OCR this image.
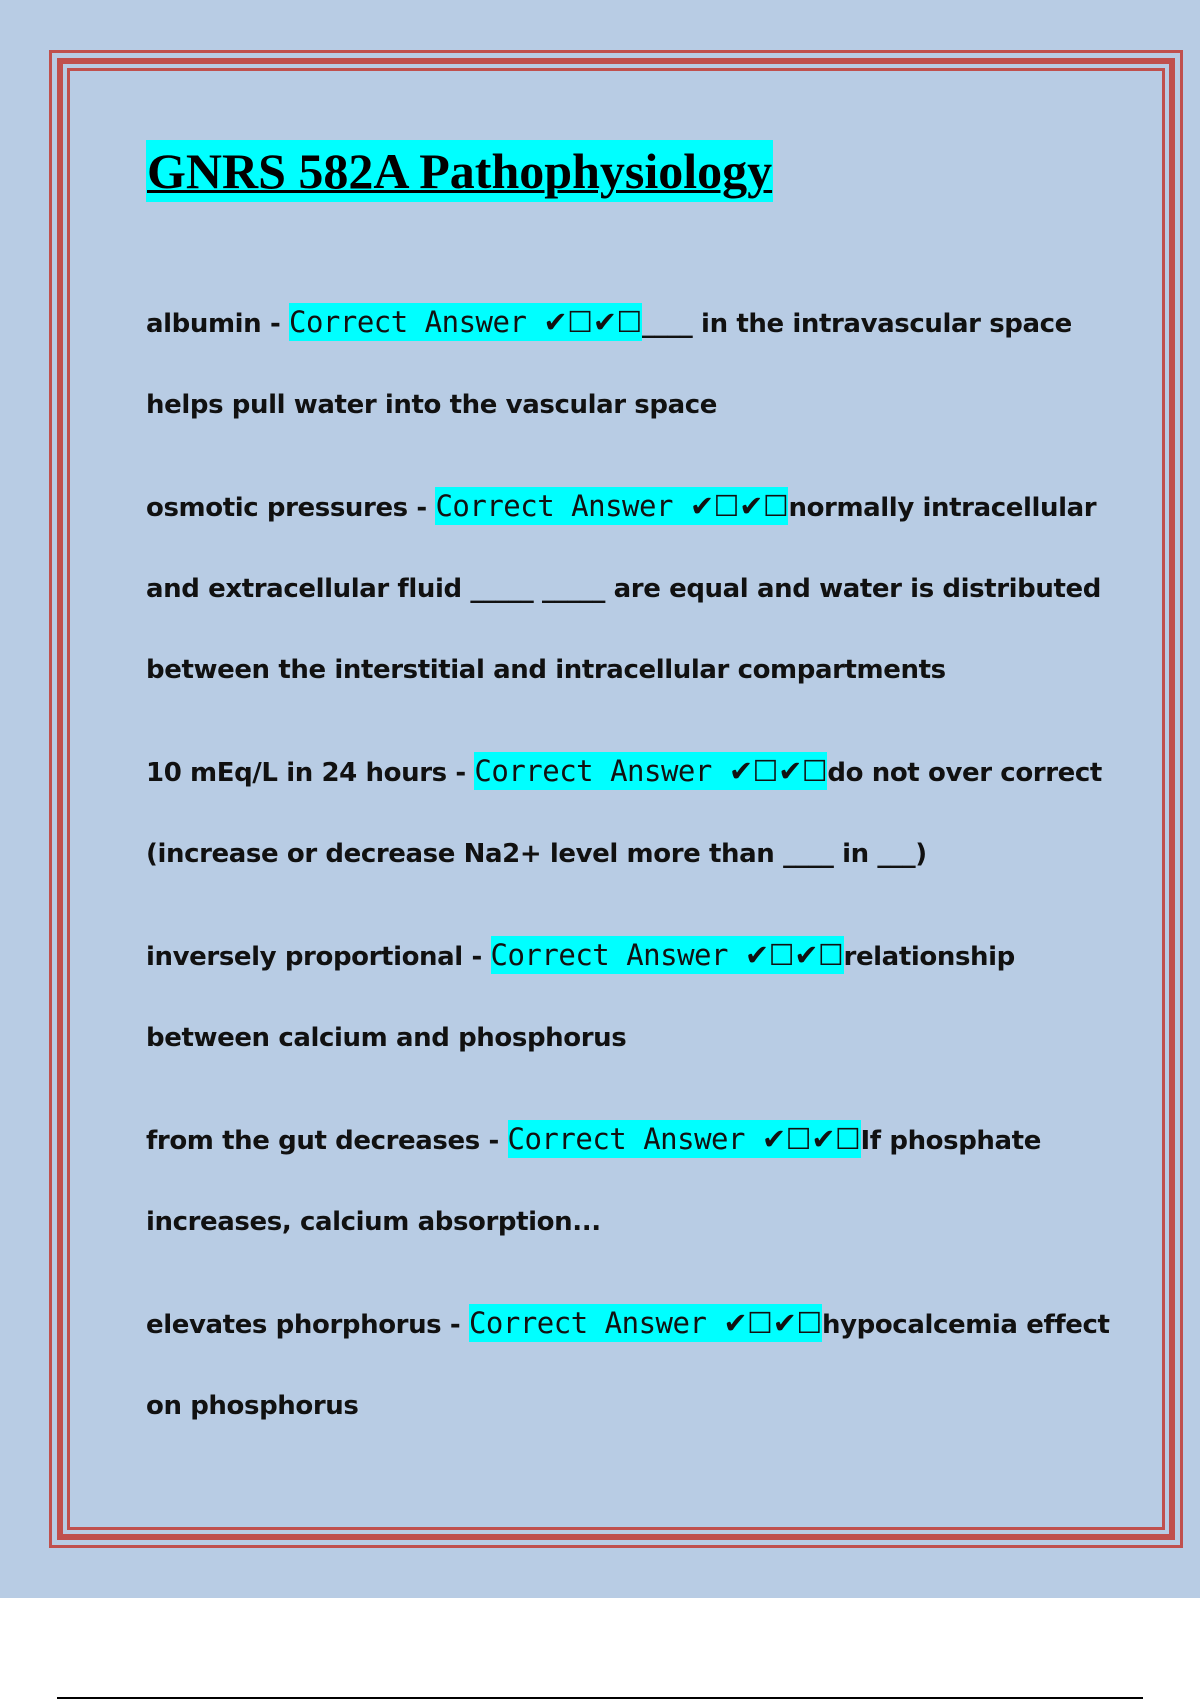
GNRS 582A Pathophysiology
albumin - Correct Answer ✔☐✔☐____ in the intravascular space
helps pull water into the vascular space
osmotic pressures - Correct Answer ✔☐✔☐normally intracellular
and extracellular fluid _____ _____ are equal and water is distributed
between the interstitial and intracellular compartments
10 mEq/L in 24 hours - Correct Answer ✔☐✔☐do not over correct
(increase or decrease Na2+ level more than ____ in ___)
inversely proportional - Correct Answer ✔☐✔☐relationship
between calcium and phosphorus
from the gut decreases - Correct Answer ✔☐✔☐If phosphate
increases, calcium absorption...
elevates phorphorus - Correct Answer ✔☐✔☐hypocalcemia effect
on phosphorus
